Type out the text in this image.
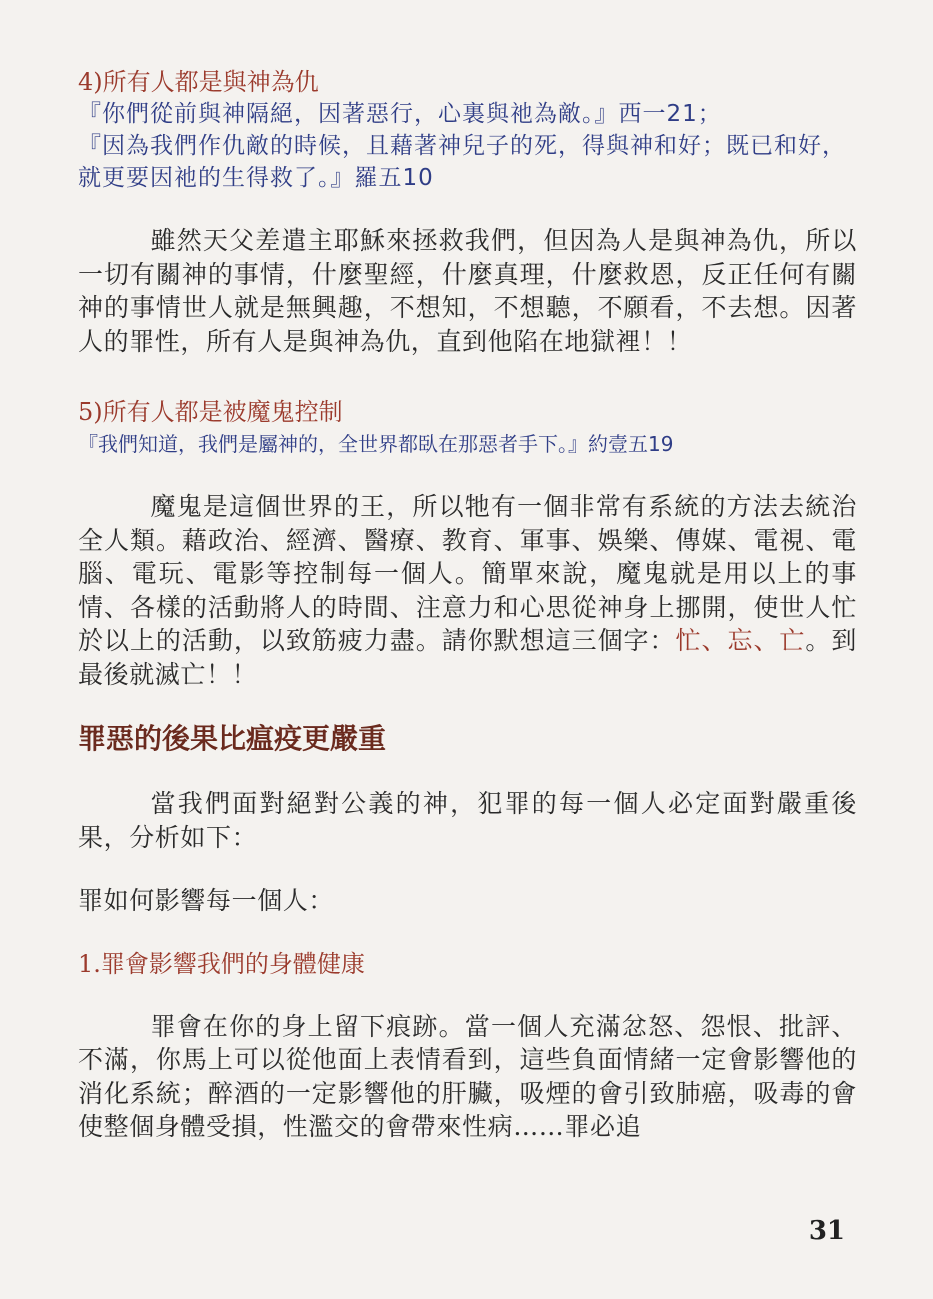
4)所有人都是與神為仇

『你們從前與神隔絕，因著惡行，心裏與祂為敵。』西一21；

『因為我們作仇敵的時候，且藉著神兒子的死，得與神和好；既已和好，就更要因祂的生得救了。』羅五10

雖然天父差遣主耶穌來拯救我們，但因為人是與神為仇，所以一切有關神的事情，什麼聖經，什麼真理，什麼救恩，反正任何有關神的事情世人就是無興趣，不想知，不想聽，不願看，不去想。因著人的罪性，所有人是與神為仇，直到他陷在地獄裡！！

5)所有人都是被魔鬼控制

『我們知道，我們是屬神的，全世界都臥在那惡者手下。』約壹五19

魔鬼是這個世界的王，所以牠有一個非常有系統的方法去統治全人類。藉政治、經濟、醫療、教育、軍事、娛樂、傳媒、電視、電腦、電玩、電影等控制每一個人。簡單來說，魔鬼就是用以上的事情、各樣的活動將人的時間、注意力和心思從神身上挪開，使世人忙於以上的活動，以致筋疲力盡。請你默想這三個字：忙、忘、亡。到最後就滅亡！！

罪惡的後果比瘟疫更嚴重

當我們面對絕對公義的神，犯罪的每一個人必定面對嚴重後果，分析如下：

罪如何影響每一個人：

1.罪會影響我們的身體健康

罪會在你的身上留下痕跡。當一個人充滿忿怒、怨恨、批評、不滿，你馬上可以從他面上表情看到，這些負面情緒一定會影響他的消化系統；醉酒的一定影響他的肝臟，吸煙的會引致肺癌，吸毒的會使整個身體受損，性濫交的會帶來性病……罪必追

31
